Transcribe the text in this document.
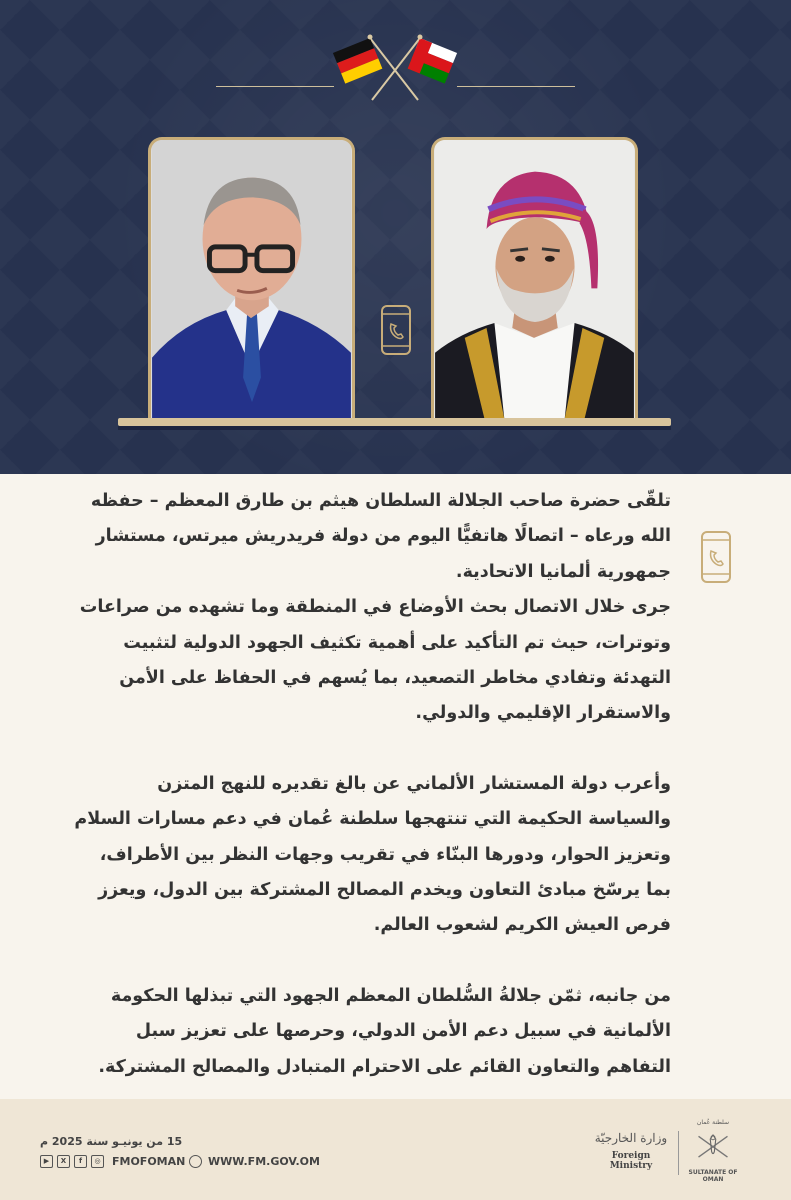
تلقّى حضرة صاحب الجلالة السلطان هيثم بن طارق المعظم – حفظه الله ورعاه – اتصالًا هاتفيًّا اليوم من دولة فريدريش ميرتس، مستشار جمهورية ألمانيا الاتحادية.

جرى خلال الاتصال بحث الأوضاع في المنطقة وما تشهده من صراعات وتوترات، حيث تم التأكيد على أهمية تكثيف الجهود الدولية لتثبيت التهدئة وتفادي مخاطر التصعيد، بما يُسهم في الحفاظ على الأمن والاستقرار الإقليمي والدولي.

وأعرب دولة المستشار الألماني عن بالغ تقديره للنهج المتزن والسياسة الحكيمة التي تنتهجها سلطنة عُمان في دعم مسارات السلام وتعزيز الحوار، ودورها البنّاء في تقريب وجهات النظر بين الأطراف، بما يرسّخ مبادئ التعاون ويخدم المصالح المشتركة بين الدول، ويعزز فرص العيش الكريم لشعوب العالم.

من جانبه، ثمّن جلالةُ السُّلطان المعظم الجهود التي تبذلها الحكومة الألمانية في سبيل دعم الأمن الدولي، وحرصها على تعزيز سبل التفاهم والتعاون القائم على الاحترام المتبادل والمصالح المشتركة.

15 من يونيـو سنة 2025 م
▶	X	f	◎	FMOFOMAN WWW.FM.GOV.OM
وزارة الخارجيّة
Foreign Ministry
سلطنة عُمان
SULTANATE OF OMAN
